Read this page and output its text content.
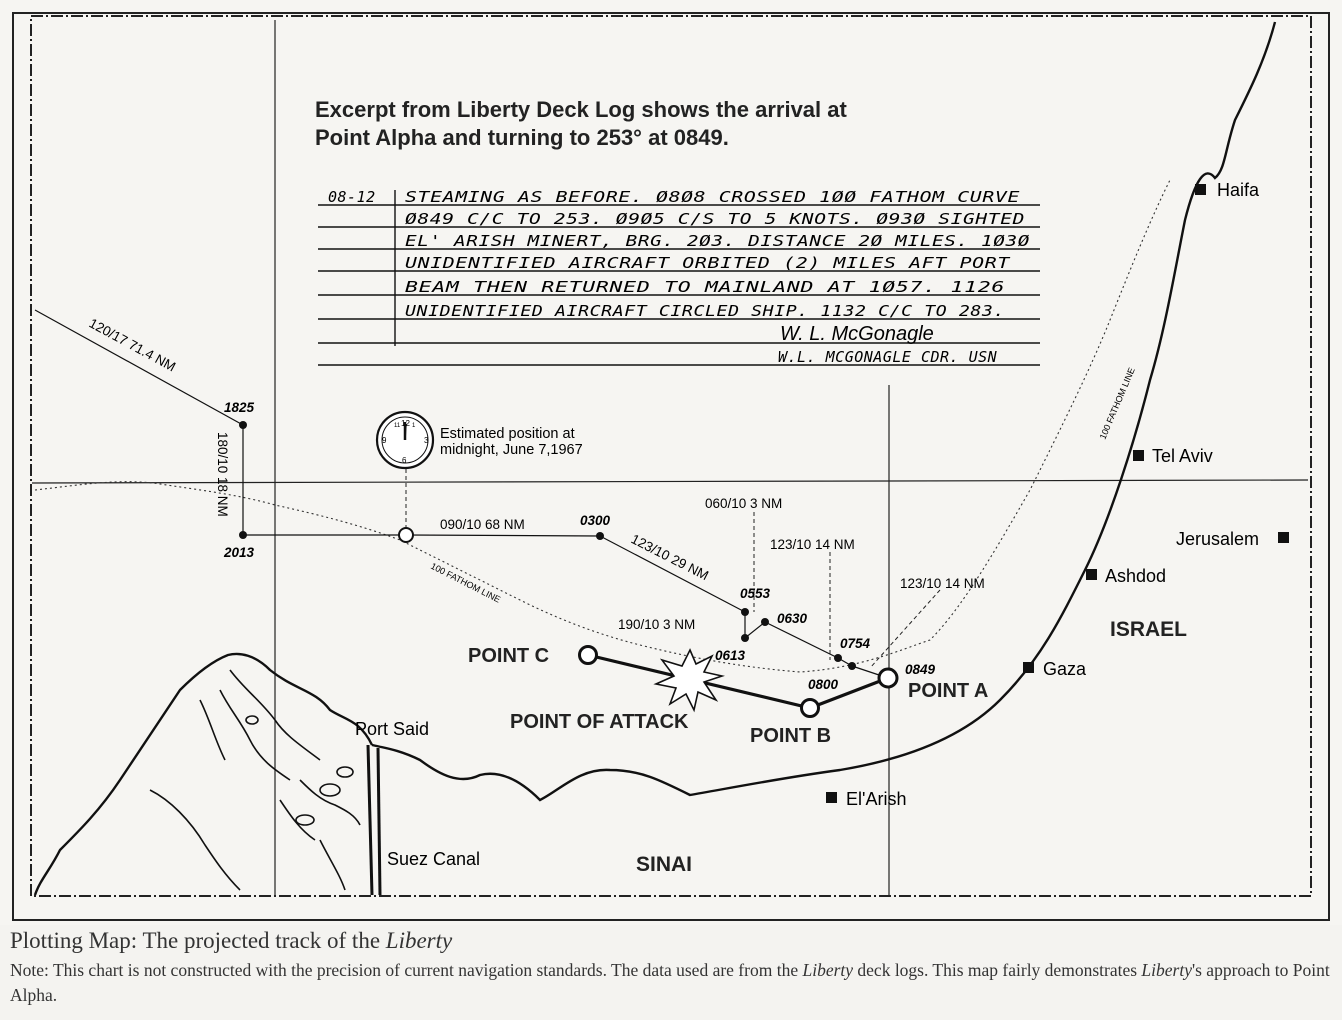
100 FATHOM LINE
100 FATHOM LINE
12
3
6
9
1
11	Estimated position at
midnight, June 7,1967
Excerpt from Liberty Deck Log shows the arrival at
Point Alpha and turning to 253° at 0849.
08-12 STEAMING AS BEFORE. Ø8Ø8 CROSSED 1ØØ FATHOM CURVE
Ø849 C/C TO 253. Ø9Ø5 C/S TO 5 KNOTS. Ø93Ø SIGHTED
EL' ARISH MINERT, BRG. 2Ø3. DISTANCE 2Ø MILES. 1Ø3Ø
UNIDENTIFIED AIRCRAFT ORBITED (2) MILES AFT PORT
BEAM THEN RETURNED TO MAINLAND AT 1Ø57. 1126
UNIDENTIFIED AIRCRAFT CIRCLED SHIP. 1132 C/C TO 283.
W. L. McGonagle
W.L. MCGONAGLE CDR. USN
120/17 71.4 NM
180/10 18 NM
090/10 68 NM
123/10 29 NM
060/10 3 NM
190/10 3 NM
123/10 14 NM
123/10 14 NM
1825
2013
0300
0553
0630
0613
0754
0800
0849
POINT C
POINT A
POINT B
POINT OF ATTACK
Haifa
Tel Aviv
Jerusalem
Ashdod
Gaza
El'Arish
Port Said
Suez Canal
ISRAEL
SINAI
Plotting Map: The projected track of the Liberty
Note: This chart is not constructed with the precision of current navigation standards. The data used are from the Liberty deck logs. This map fairly demonstrates Liberty's approach to Point Alpha.
